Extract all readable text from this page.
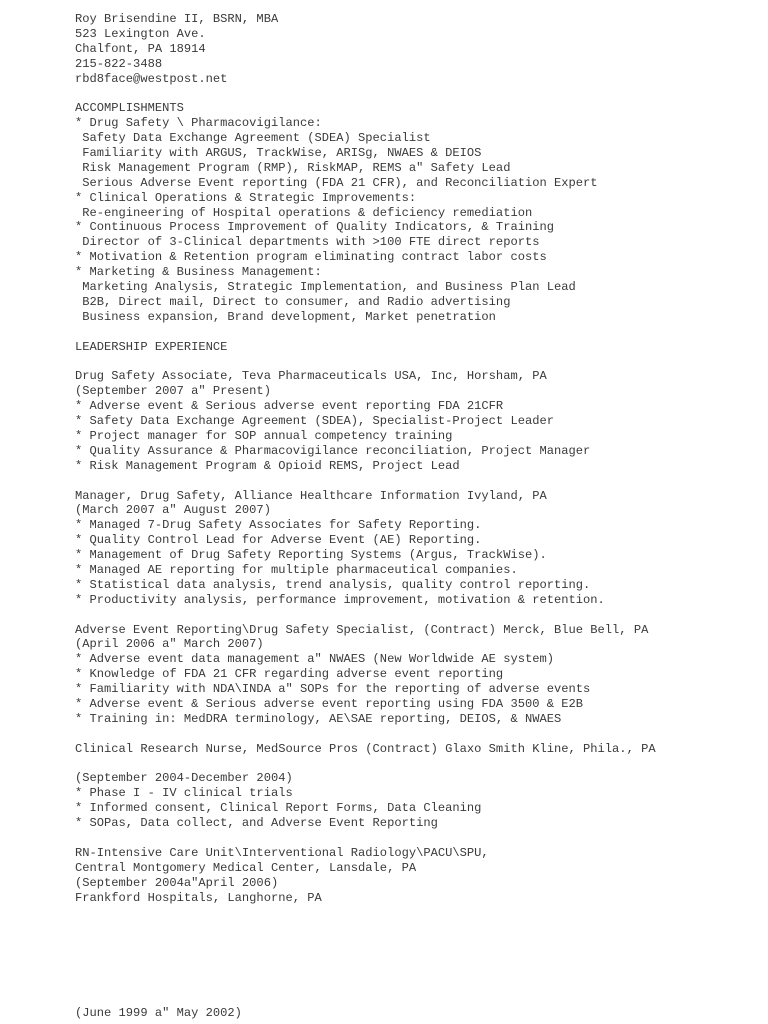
Roy Brisendine II, BSRN, MBA
523 Lexington Ave.
Chalfont, PA 18914
215-822-3488
rbd8face@westpost.net
ACCOMPLISHMENTS
* Drug Safety \ Pharmacovigilance:
Safety Data Exchange Agreement (SDEA) Specialist
Familiarity with ARGUS, TrackWise, ARISg, NWAES & DEIOS
Risk Management Program (RMP), RiskMAP, REMS a" Safety Lead
Serious Adverse Event reporting (FDA 21 CFR), and Reconciliation Expert
* Clinical Operations & Strategic Improvements:
Re-engineering of Hospital operations & deficiency remediation
* Continuous Process Improvement of Quality Indicators, & Training
Director of 3-Clinical departments with >100 FTE direct reports
* Motivation & Retention program eliminating contract labor costs
* Marketing & Business Management:
Marketing Analysis, Strategic Implementation, and Business Plan Lead
B2B, Direct mail, Direct to consumer, and Radio advertising
Business expansion, Brand development, Market penetration
LEADERSHIP EXPERIENCE
Drug Safety Associate, Teva Pharmaceuticals USA, Inc, Horsham, PA
(September 2007 a" Present)
* Adverse event & Serious adverse event reporting FDA 21CFR
* Safety Data Exchange Agreement (SDEA), Specialist-Project Leader
* Project manager for SOP annual competency training
* Quality Assurance & Pharmacovigilance reconciliation, Project Manager
* Risk Management Program & Opioid REMS, Project Lead
Manager, Drug Safety, Alliance Healthcare Information Ivyland, PA
(March 2007 a" August 2007)
* Managed 7-Drug Safety Associates for Safety Reporting.
* Quality Control Lead for Adverse Event (AE) Reporting.
* Management of Drug Safety Reporting Systems (Argus, TrackWise).
* Managed AE reporting for multiple pharmaceutical companies.
* Statistical data analysis, trend analysis, quality control reporting.
* Productivity analysis, performance improvement, motivation & retention.
Adverse Event Reporting\Drug Safety Specialist, (Contract) Merck, Blue Bell, PA
(April 2006 a" March 2007)
* Adverse event data management a" NWAES (New Worldwide AE system)
* Knowledge of FDA 21 CFR regarding adverse event reporting
* Familiarity with NDA\INDA a" SOPs for the reporting of adverse events
* Adverse event & Serious adverse event reporting using FDA 3500 & E2B
* Training in: MedDRA terminology, AE\SAE reporting, DEIOS, & NWAES
Clinical Research Nurse, MedSource Pros (Contract) Glaxo Smith Kline, Phila., PA
(September 2004-December 2004)
* Phase I - IV clinical trials
* Informed consent, Clinical Report Forms, Data Cleaning
* SOPas, Data collect, and Adverse Event Reporting
RN-Intensive Care Unit\Interventional Radiology\PACU\SPU,
Central Montgomery Medical Center, Lansdale, PA
(September 2004a"April 2006)
Frankford Hospitals, Langhorne, PA
(June 1999 a" May 2002)
